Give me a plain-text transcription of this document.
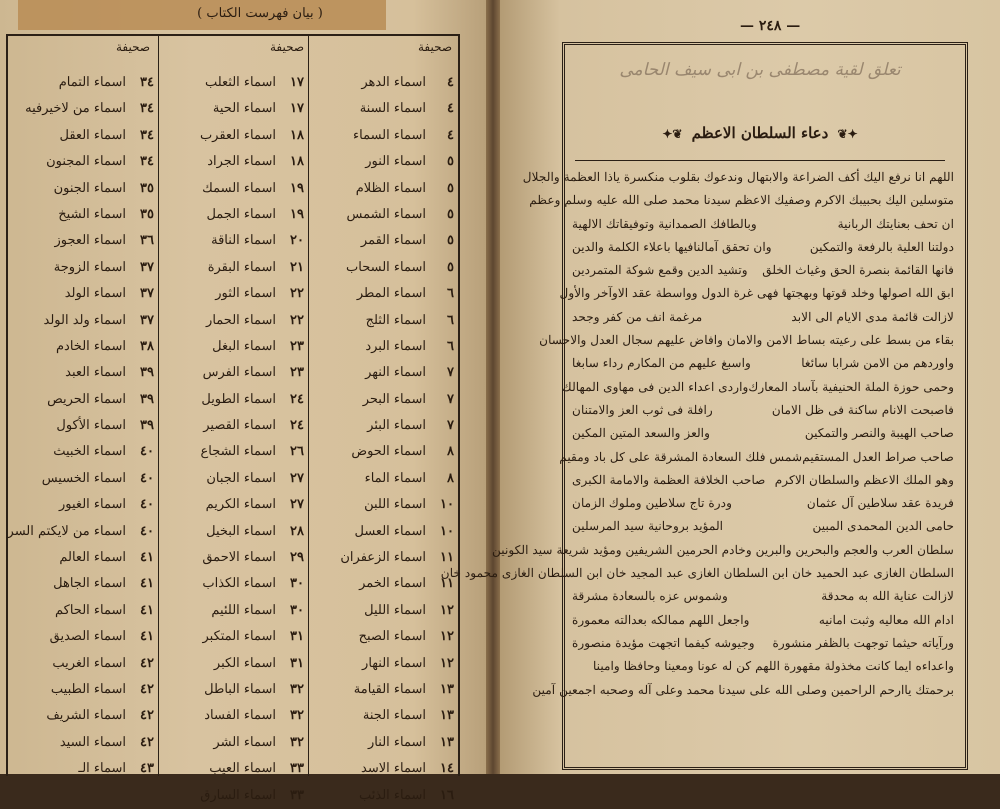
( بيان فهرست الكتاب )
صحيفة
صحيفة
صحيفة
٤
اسماء الدهر
٤
اسماء السنة
٤
اسماء السماء
٥
اسماء النور
٥
اسماء الظلام
٥
اسماء الشمس
٥
اسماء القمر
٥
اسماء السحاب
٦
اسماء المطر
٦
اسماء الثلج
٦
اسماء البرد
٧
اسماء النهر
٧
اسماء البحر
٧
اسماء البئر
٨
اسماء الحوض
٨
اسماء الماء
١٠
اسماء اللبن
١٠
اسماء العسل
١١
اسماء الزعفران
١١
اسماء الخمر
١٢
اسماء الليل
١٢
اسماء الصبح
١٢
اسماء النهار
١٣
اسماء القيامة
١٣
اسماء الجنة
١٣
اسماء النار
١٤
اسماء الاسد
١٦
اسماء الذئب
١٧
اسماء الثعلب
١٧
اسماء الحية
١٨
اسماء العقرب
١٨
اسماء الجراد
١٩
اسماء السمك
١٩
اسماء الجمل
٢٠
اسماء الناقة
٢١
اسماء البقرة
٢٢
اسماء الثور
٢٢
اسماء الحمار
٢٣
اسماء البغل
٢٣
اسماء الفرس
٢٤
اسماء الطويل
٢٤
اسماء القصير
٢٦
اسماء الشجاع
٢٧
اسماء الجبان
٢٧
اسماء الكريم
٢٨
اسماء البخيل
٢٩
اسماء الاحمق
٣٠
اسماء الكذاب
٣٠
اسماء اللئيم
٣١
اسماء المتكبر
٣١
اسماء الكبر
٣٢
اسماء الباطل
٣٢
اسماء الفساد
٣٢
اسماء الشر
٣٣
اسماء العيب
٣٣
اسماء السارق
٣٤
اسماء التمام
٣٤
اسماء من لاخيرفيه
٣٤
اسماء العقل
٣٤
اسماء المجنون
٣٥
اسماء الجنون
٣٥
اسماء الشيخ
٣٦
اسماء العجوز
٣٧
اسماء الزوجة
٣٧
اسماء الولد
٣٧
اسماء ولد الولد
٣٨
اسماء الخادم
٣٩
اسماء العبد
٣٩
اسماء الحريص
٣٩
اسماء الأكول
٤٠
اسماء الخبيث
٤٠
اسماء الخسيس
٤٠
اسماء الغيور
٤٠
اسماء من لايكتم السر
٤١
اسماء العالم
٤١
اسماء الجاهل
٤١
اسماء الحاكم
٤١
اسماء الصديق
٤٢
اسماء الغريب
٤٢
اسماء الطبيب
٤٢
اسماء الشريف
٤٢
اسماء السيد
٤٣
اسماء الـ
— ٢٤٨ —
تعلق لقية مصطفى بن ابى سيف الحامى
✦❦ دعاء السلطان الاعظم ❦✦
اللهم انا نرفع اليك أكف الضراعة والابتهال وندعوك بقلوب منكسرة ياذا العظمة والجلال
متوسلين اليك بحبيبك الاكرم وصفيك الاعظم سيدنا محمد صلى الله عليه وسلم وعظم
ان تحف بعنايتك الربانية
وبالطافك الصمدانية وتوفيقاتك الالهية
دولتنا العلية بالرفعة والتمكين
وان تحقق آمالنافيها باعلاء الكلمة والدين
فانها القائمة بنصرة الحق وغياث الخلق
وتشيد الدين وقمع شوكة المتمردين
ابق الله اصولها وخلد قوتها وبهجتها فهى غرة الدول وواسطة عقد الاوآخر والأول
لازالت قائمة مدى الايام الى الابد
مرغمة انف من كفر وجحد
بقاء من بسط على رعيته بساط الامن والامان وافاض عليهم سجال العدل والاحسان
واوردهم من الامن شرابا سائغا
واسبغ عليهم من المكارم رداء سابغا
وحمى حوزة الملة الحنيفية بآساد المعارك
واردى اعداء الدين فى مهاوى المهالك
فاصبحت الانام ساكنة فى ظل الامان
رافلة فى ثوب العز والامتنان
صاحب الهيبة والنصر والتمكين
والعز والسعد المتين المكين
صاحب صراط العدل المستقيم
شمس فلك السعادة المشرقة على كل باد ومقيم
وهو الملك الاعظم والسلطان الاكرم
صاحب الخلافة العظمة والامامة الكبرى
فريدة عقد سلاطين آل عثمان
ودرة تاج سلاطين وملوك الزمان
حامى الدين المحمدى المبين
المؤيد بروحانية سيد المرسلين
سلطان العرب والعجم والبحرين والبرين وخادم الحرمين الشريفين ومؤيد شريعة سيد الكونين
السلطان الغازى عبد الحميد خان ابن السلطان الغازى عبد المجيد خان ابن السلطان الغازى محمود خان
لازالت عناية الله به محدقة
وشموس عزه بالسعادة مشرقة
ادام الله معاليه وثبت امانيه
واجعل اللهم ممالكه بعدالته معمورة
ورآياته حيثما توجهت بالظفر منشورة
وجيوشه كيفما اتجهت مؤيدة منصورة
واعداءه ايما كانت مخذولة مقهورة اللهم كن له عونا ومعينا وحافظا وامينا
برحمتك ياارحم الراحمين وصلى الله على سيدنا محمد وعلى آله وصحبه اجمعين آمين
